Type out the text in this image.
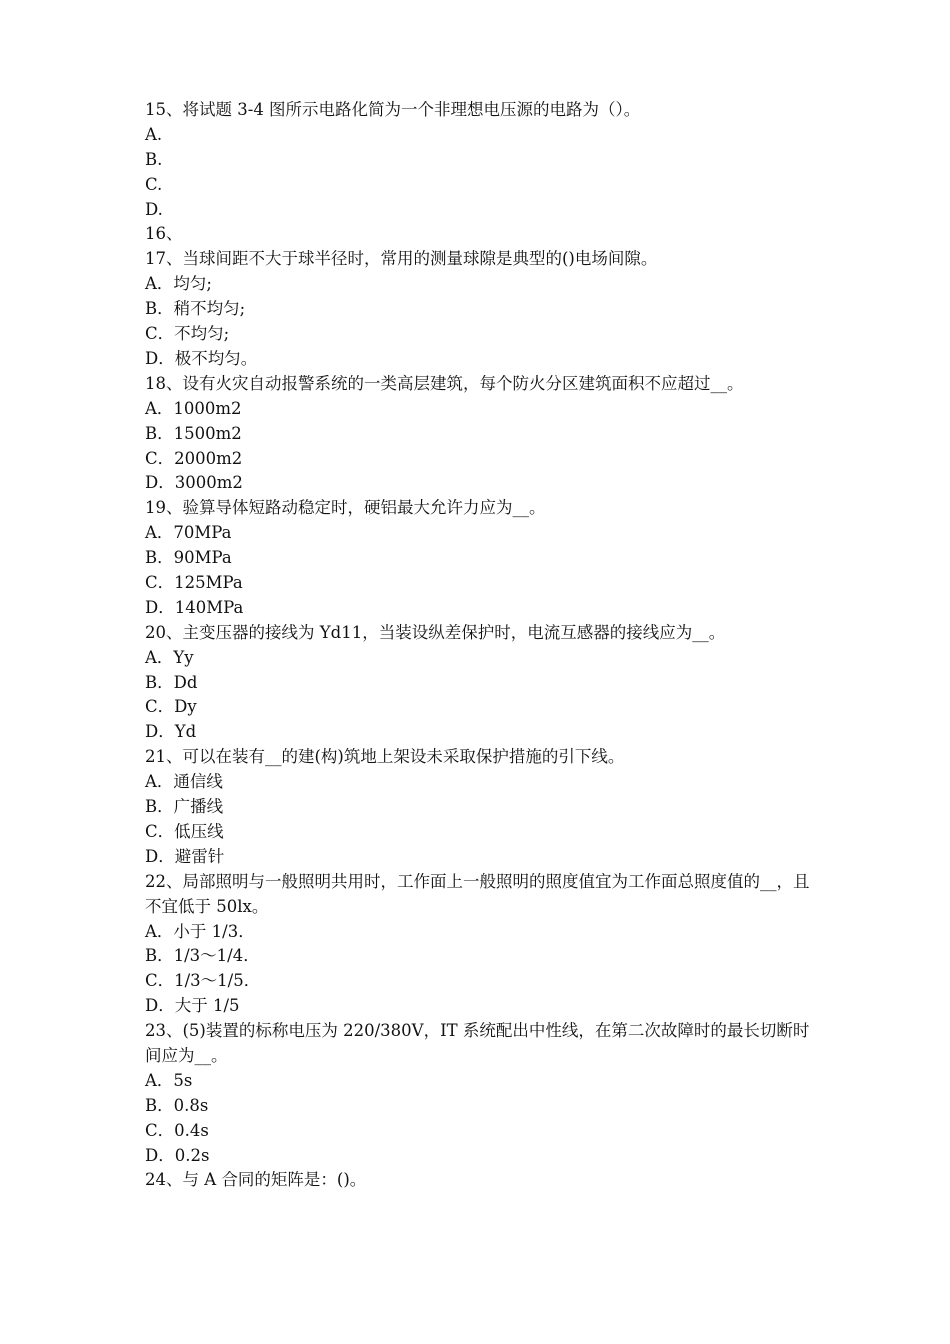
15、将试题 3-4 图所示电路化简为一个非理想电压源的电路为（）。
A.
B.
C.
D.
16、
17、当球间距不大于球半径时，常用的测量球隙是典型的()电场间隙。
A．均匀;
B．稍不均匀;
C．不均匀;
D．极不均匀。
18、设有火灾自动报警系统的一类高层建筑，每个防火分区建筑面积不应超过__。
A．1000m2
B．1500m2
C．2000m2
D．3000m2
19、验算导体短路动稳定时，硬铝最大允许力应为__。
A．70MPa
B．90MPa
C．125MPa
D．140MPa
20、主变压器的接线为 Yd11，当装设纵差保护时，电流互感器的接线应为__。
A．Yy
B．Dd
C．Dy
D．Yd
21、可以在装有__的建(构)筑地上架设未采取保护措施的引下线。
A．通信线
B．广播线
C．低压线
D．避雷针
22、局部照明与一般照明共用时，工作面上一般照明的照度值宜为工作面总照度值的__，且不宜低于 50lx。
A．小于 1/3．
B．1/3～1/4．
C．1/3～1/5．
D．大于 1/5
23、(5)装置的标称电压为 220/380V，IT 系统配出中性线，在第二次故障时的最长切断时间应为__。
A．5s
B．0.8s
C．0.4s
D．0.2s
24、与 A 合同的矩阵是：()。
